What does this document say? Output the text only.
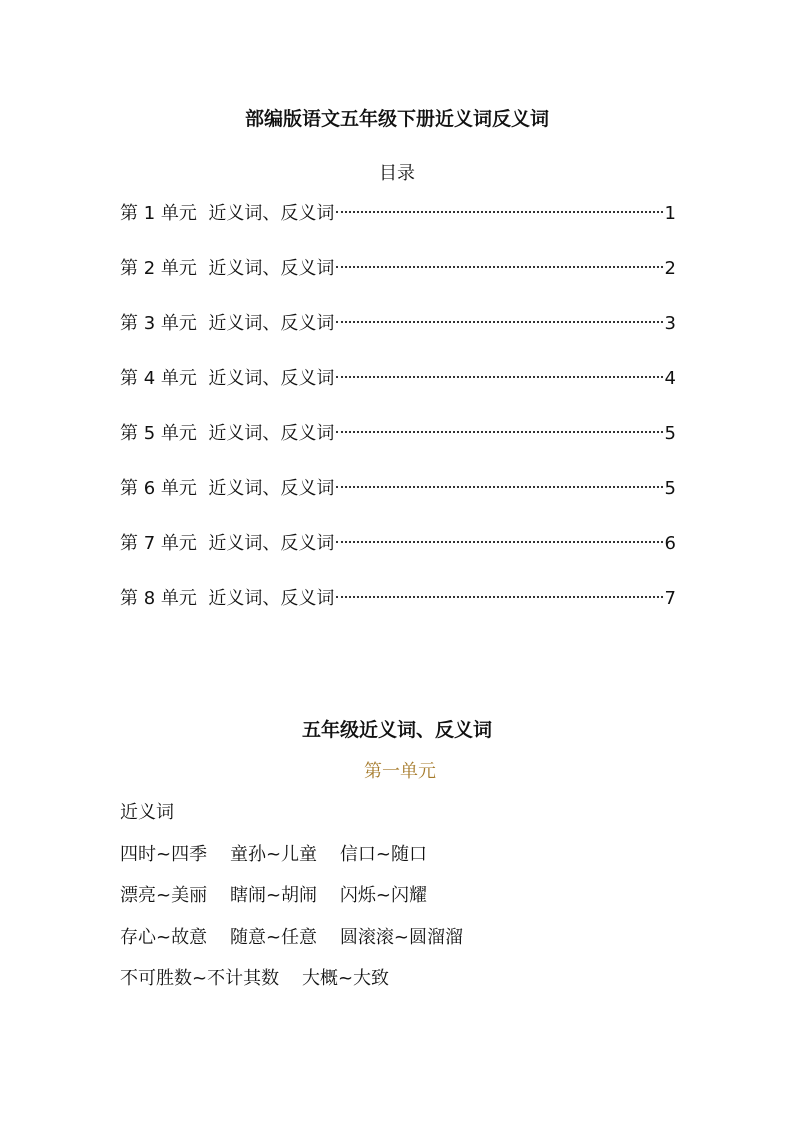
部编版语文五年级下册近义词反义词
目录
第 1 单元  近义词、反义词	1
第 2 单元  近义词、反义词	2
第 3 单元  近义词、反义词	3
第 4 单元  近义词、反义词	4
第 5 单元  近义词、反义词	5
第 6 单元  近义词、反义词	5
第 7 单元  近义词、反义词	6
第 8 单元  近义词、反义词	7
五年级近义词、反义词
第一单元
近义词
四时~四季    童孙~儿童    信口~随口
漂亮~美丽    瞎闹~胡闹    闪烁~闪耀
存心~故意    随意~任意    圆滚滚~圆溜溜
不可胜数~不计其数    大概~大致
